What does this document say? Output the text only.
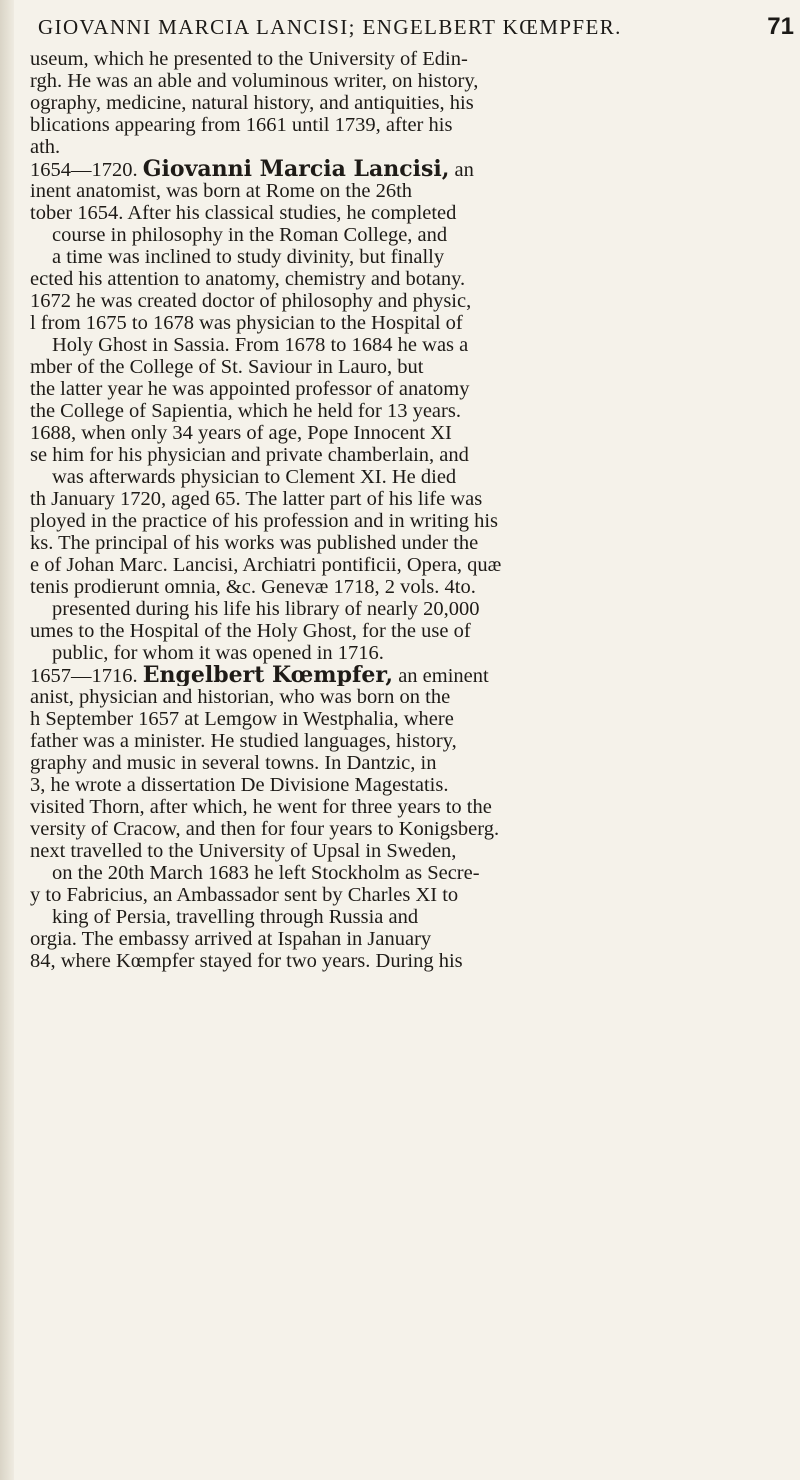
GIOVANNI MARCIA LANCISI; ENGELBERT KŒMPFER.	71
useum, which he presented to the University of Edin-
rgh. He was an able and voluminous writer, on history,
ography, medicine, natural history, and antiquities, his
blications appearing from 1661 until 1739, after his
ath.
1654—1720. Giovanni Marcia Lancisi, an
inent anatomist, was born at Rome on the 26th
tober 1654. After his classical studies, he completed
course in philosophy in the Roman College, and
a time was inclined to study divinity, but finally
ected his attention to anatomy, chemistry and botany.
1672 he was created doctor of philosophy and physic,
l from 1675 to 1678 was physician to the Hospital of
Holy Ghost in Sassia. From 1678 to 1684 he was a
mber of the College of St. Saviour in Lauro, but
the latter year he was appointed professor of anatomy
the College of Sapientia, which he held for 13 years.
1688, when only 34 years of age, Pope Innocent XI
se him for his physician and private chamberlain, and
was afterwards physician to Clement XI. He died
th January 1720, aged 65. The latter part of his life was
ployed in the practice of his profession and in writing his
ks. The principal of his works was published under the
e of Johan Marc. Lancisi, Archiatri pontificii, Opera, quæ
tenis prodierunt omnia, &c. Genevæ 1718, 2 vols. 4to.
presented during his life his library of nearly 20,000
umes to the Hospital of the Holy Ghost, for the use of
public, for whom it was opened in 1716.
1657—1716. Engelbert Kœmpfer, an eminent
anist, physician and historian, who was born on the
h September 1657 at Lemgow in Westphalia, where
father was a minister. He studied languages, history,
graphy and music in several towns. In Dantzic, in
3, he wrote a dissertation De Divisione Magestatis.
visited Thorn, after which, he went for three years to the
versity of Cracow, and then for four years to Konigsberg.
next travelled to the University of Upsal in Sweden,
on the 20th March 1683 he left Stockholm as Secre-
y to Fabricius, an Ambassador sent by Charles XI to
king of Persia, travelling through Russia and
orgia. The embassy arrived at Ispahan in January
84, where Kœmpfer stayed for two years. During his
